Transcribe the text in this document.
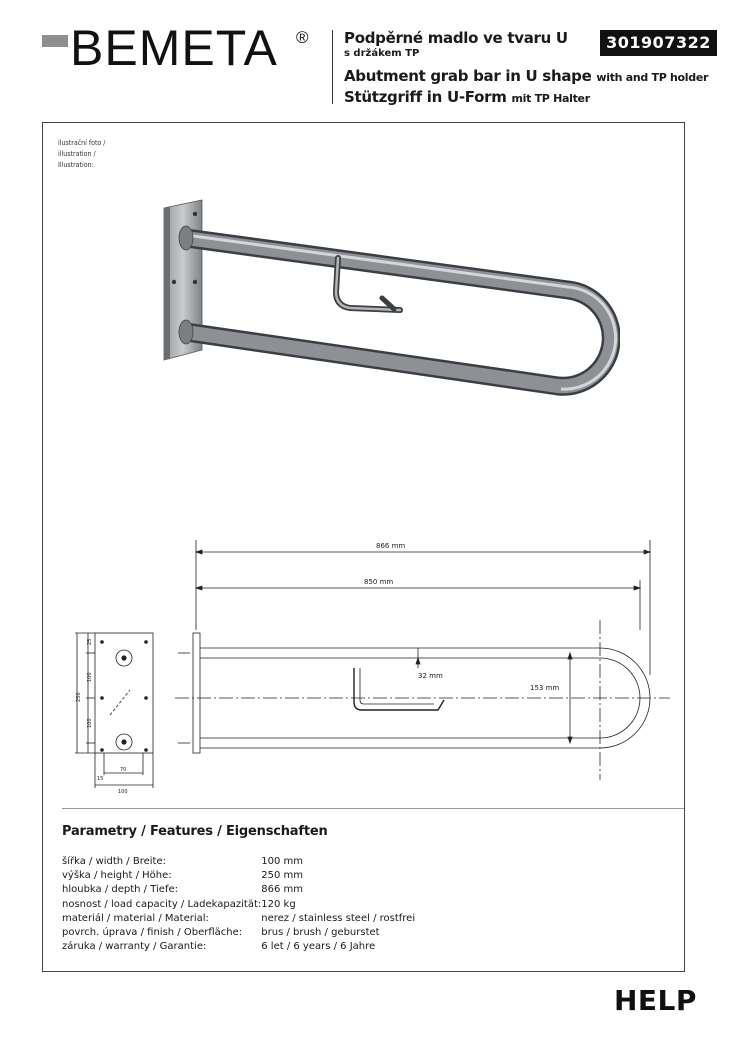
BEMETA ® Podpěrné madlo ve tvaru U
s držákem TP
Abutment grab bar in U shape with and TP holder
Stützgriff in U-Form mit TP Halter
301907322
ilustrační foto /
illustration /
Illustration:
866 mm
850 mm
153 mm
32 mm
25
100
250
100
15
70
100
Parametry / Features / Eigenschaften
šířka / width / Breite:	100 mm
výška / height / Höhe:	250 mm
hloubka / depth / Tiefe:	866 mm
nosnost / load capacity / Ladekapazität:	120 kg
materiál / material / Material:	nerez / stainless steel / rostfrei
povrch. úprava / finish / Oberfläche:	brus / brush / geburstet
záruka / warranty / Garantie:	6 let / 6 years / 6 Jahre
HELP
